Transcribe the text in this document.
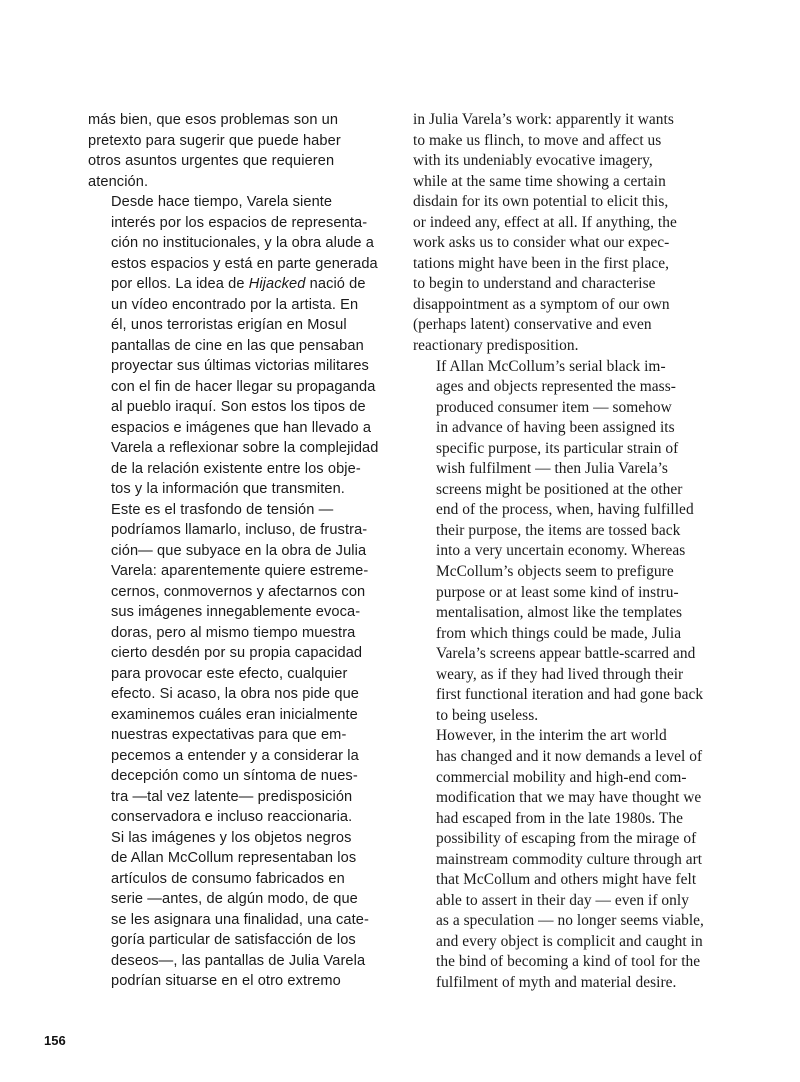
más bien, que esos problemas son un
pretexto para sugerir que puede haber
otros asuntos urgentes que requieren
atención.

Desde hace tiempo, Varela siente
interés por los espacios de representa-
ción no institucionales, y la obra alude a
estos espacios y está en parte generada
por ellos. La idea de Hijacked nació de
un vídeo encontrado por la artista. En
él, unos terroristas erigían en Mosul
pantallas de cine en las que pensaban
proyectar sus últimas victorias militares
con el fin de hacer llegar su propaganda
al pueblo iraquí. Son estos los tipos de
espacios e imágenes que han llevado a
Varela a reflexionar sobre la complejidad
de la relación existente entre los obje-
tos y la información que transmiten.

Este es el trasfondo de tensión —
podríamos llamarlo, incluso, de frustra-
ción— que subyace en la obra de Julia
Varela: aparentemente quiere estreme-
cernos, conmovernos y afectarnos con
sus imágenes innegablemente evoca-
doras, pero al mismo tiempo muestra
cierto desdén por su propia capacidad
para provocar este efecto, cualquier
efecto. Si acaso, la obra nos pide que
examinemos cuáles eran inicialmente
nuestras expectativas para que em-
pecemos a entender y a considerar la
decepción como un síntoma de nues-
tra —tal vez latente— predisposición
conservadora e incluso reaccionaria.

Si las imágenes y los objetos negros
de Allan McCollum representaban los
artículos de consumo fabricados en
serie —antes, de algún modo, de que
se les asignara una finalidad, una cate-
goría particular de satisfacción de los
deseos—, las pantallas de Julia Varela
podrían situarse en el otro extremo

in Julia Varela’s work: apparently it wants
to make us flinch, to move and affect us
with its undeniably evocative imagery,
while at the same time showing a certain
disdain for its own potential to elicit this,
or indeed any, effect at all. If anything, the
work asks us to consider what our expec-
tations might have been in the first place,
to begin to understand and characterise
disappointment as a symptom of our own
(perhaps latent) conservative and even
reactionary predisposition.

If Allan McCollum’s serial black im-
ages and objects represented the mass-
produced consumer item — somehow
in advance of having been assigned its
specific purpose, its particular strain of
wish fulfilment — then Julia Varela’s
screens might be positioned at the other
end of the process, when, having fulfilled
their purpose, the items are tossed back
into a very uncertain economy. Whereas
McCollum’s objects seem to prefigure
purpose or at least some kind of instru-
mentalisation, almost like the templates
from which things could be made, Julia
Varela’s screens appear battle-scarred and
weary, as if they had lived through their
first functional iteration and had gone back
to being useless.

However, in the interim the art world
has changed and it now demands a level of
commercial mobility and high-end com-
modification that we may have thought we
had escaped from in the late 1980s. The
possibility of escaping from the mirage of
mainstream commodity culture through art
that McCollum and others might have felt
able to assert in their day — even if only
as a speculation — no longer seems viable,
and every object is complicit and caught in
the bind of becoming a kind of tool for the
fulfilment of myth and material desire.

156
